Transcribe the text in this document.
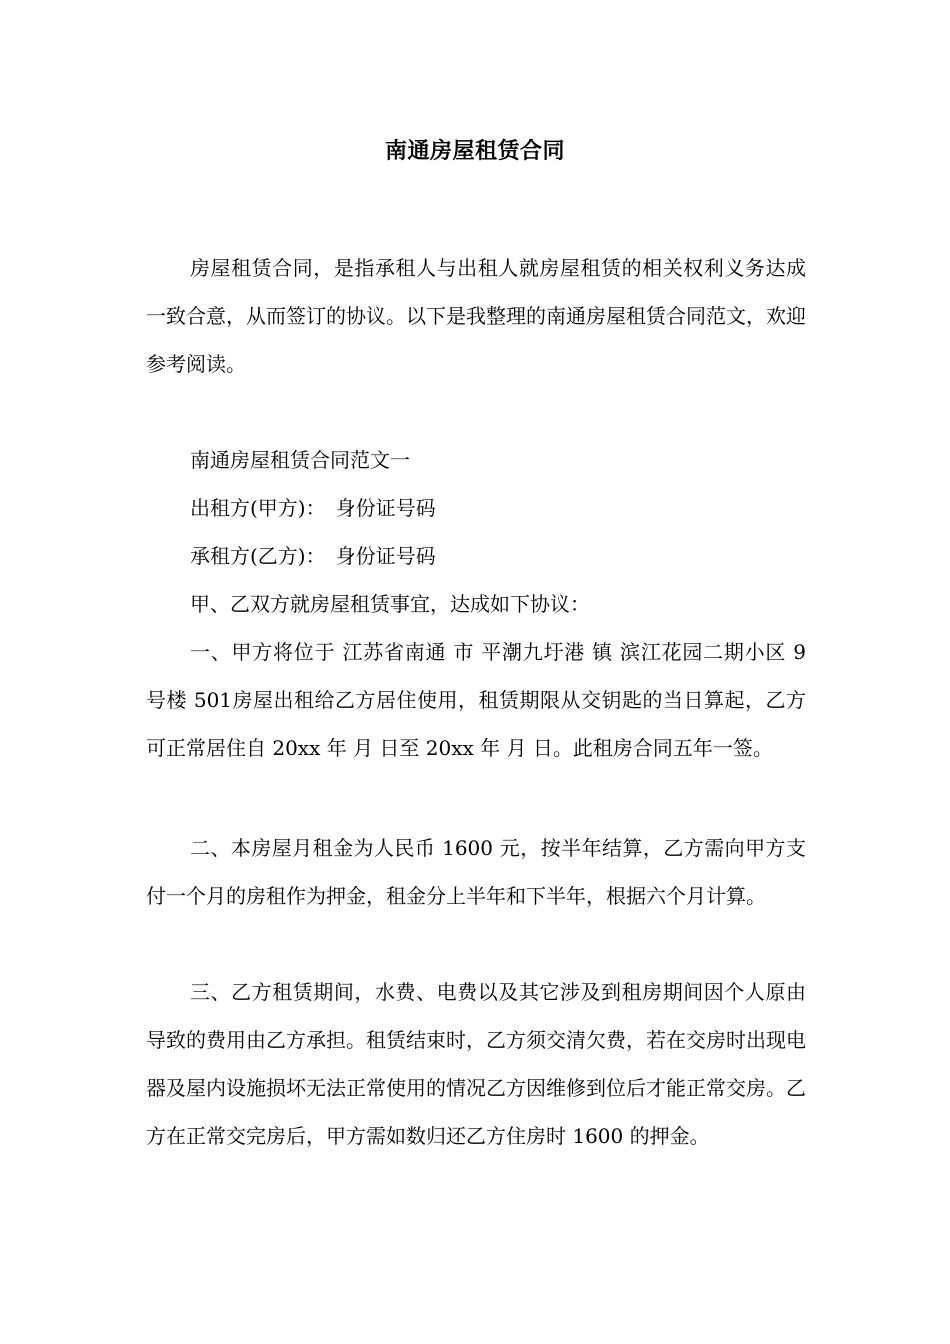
南通房屋租赁合同

房屋租赁合同，是指承租人与出租人就房屋租赁的相关权利义务达成一致合意，从而签订的协议。以下是我整理的南通房屋租赁合同范文，欢迎参考阅读。

南通房屋租赁合同范文一

出租方(甲方)：　身份证号码

承租方(乙方)：　身份证号码

甲、乙双方就房屋租赁事宜，达成如下协议：

一、甲方将位于 江苏省南通 市 平潮九圩港 镇 滨江花园二期小区 9 号楼 501房屋出租给乙方居住使用，租赁期限从交钥匙的当日算起，乙方可正常居住自 20xx 年 月 日至 20xx 年 月 日。此租房合同五年一签。

二、本房屋月租金为人民币 1600 元，按半年结算，乙方需向甲方支付一个月的房租作为押金，租金分上半年和下半年，根据六个月计算。

三、乙方租赁期间，水费、电费以及其它涉及到租房期间因个人原由导致的费用由乙方承担。租赁结束时，乙方须交清欠费，若在交房时出现电器及屋内设施损坏无法正常使用的情况乙方因维修到位后才能正常交房。乙方在正常交完房后，甲方需如数归还乙方住房时 1600 的押金。
